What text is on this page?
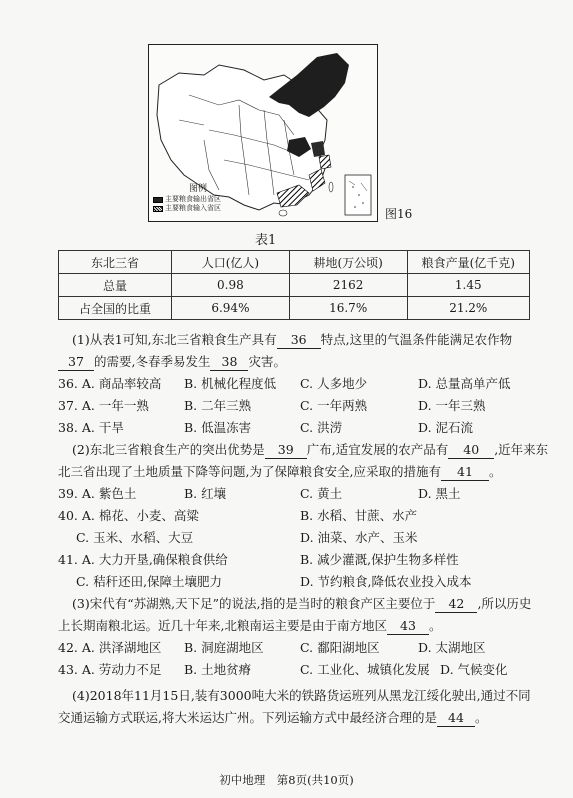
图例
主要粮食输出省区
主要粮食输入省区	图16
表1
东北三省	人口(亿人)	耕地(万公顷)	粮食产量(亿千克)
总量	0.98	2162	1.45
占全国的比重	6.94%	16.7%	21.2%
(1)从表1可知,东北三省粮食生产具有 36 特点,这里的气温条件能满足农作物
37 的需要,冬春季易发生 38 灾害。
36. A. 商品率较高 B. 机械化程度低 C. 人多地少	D. 总量高单产低
37. A. 一年一熟	B. 二年三熟	C. 一年两熟	D. 一年三熟
38. A. 干旱	B. 低温冻害	C. 洪涝	D. 泥石流
(2)东北三省粮食生产的突出优势是 39 广布,适宜发展的农产品有 40 ,近年来东
北三省出现了土地质量下降等问题,为了保障粮食安全,应采取的措施有 41 。
39. A. 紫色土	B. 红壤	C. 黄土	D. 黑土
40. A. 棉花、小麦、高粱	B. 水稻、甘蔗、水产
C. 玉米、水稻、大豆	D. 油菜、水产、玉米
41. A. 大力开垦,确保粮食供给	B. 减少灌溉,保护生物多样性
C. 秸秆还田,保障土壤肥力	D. 节约粮食,降低农业投入成本
(3)宋代有“苏湖熟,天下足”的说法,指的是当时的粮食产区主要位于 42 ,所以历史
上长期南粮北运。近几十年来,北粮南运主要是由于南方地区 43 。
42. A. 洪泽湖地区 B. 洞庭湖地区	C. 鄱阳湖地区	D. 太湖地区
43. A. 劳动力不足 B. 土地贫瘠	C. 工业化、城镇化发展 D. 气候变化
(4)2018年11月15日,装有3000吨大米的铁路货运班列从黑龙江绥化驶出,通过不同
交通运输方式联运,将大米运达广州。下列运输方式中最经济合理的是 44 。
初中地理　第8页(共10页)
